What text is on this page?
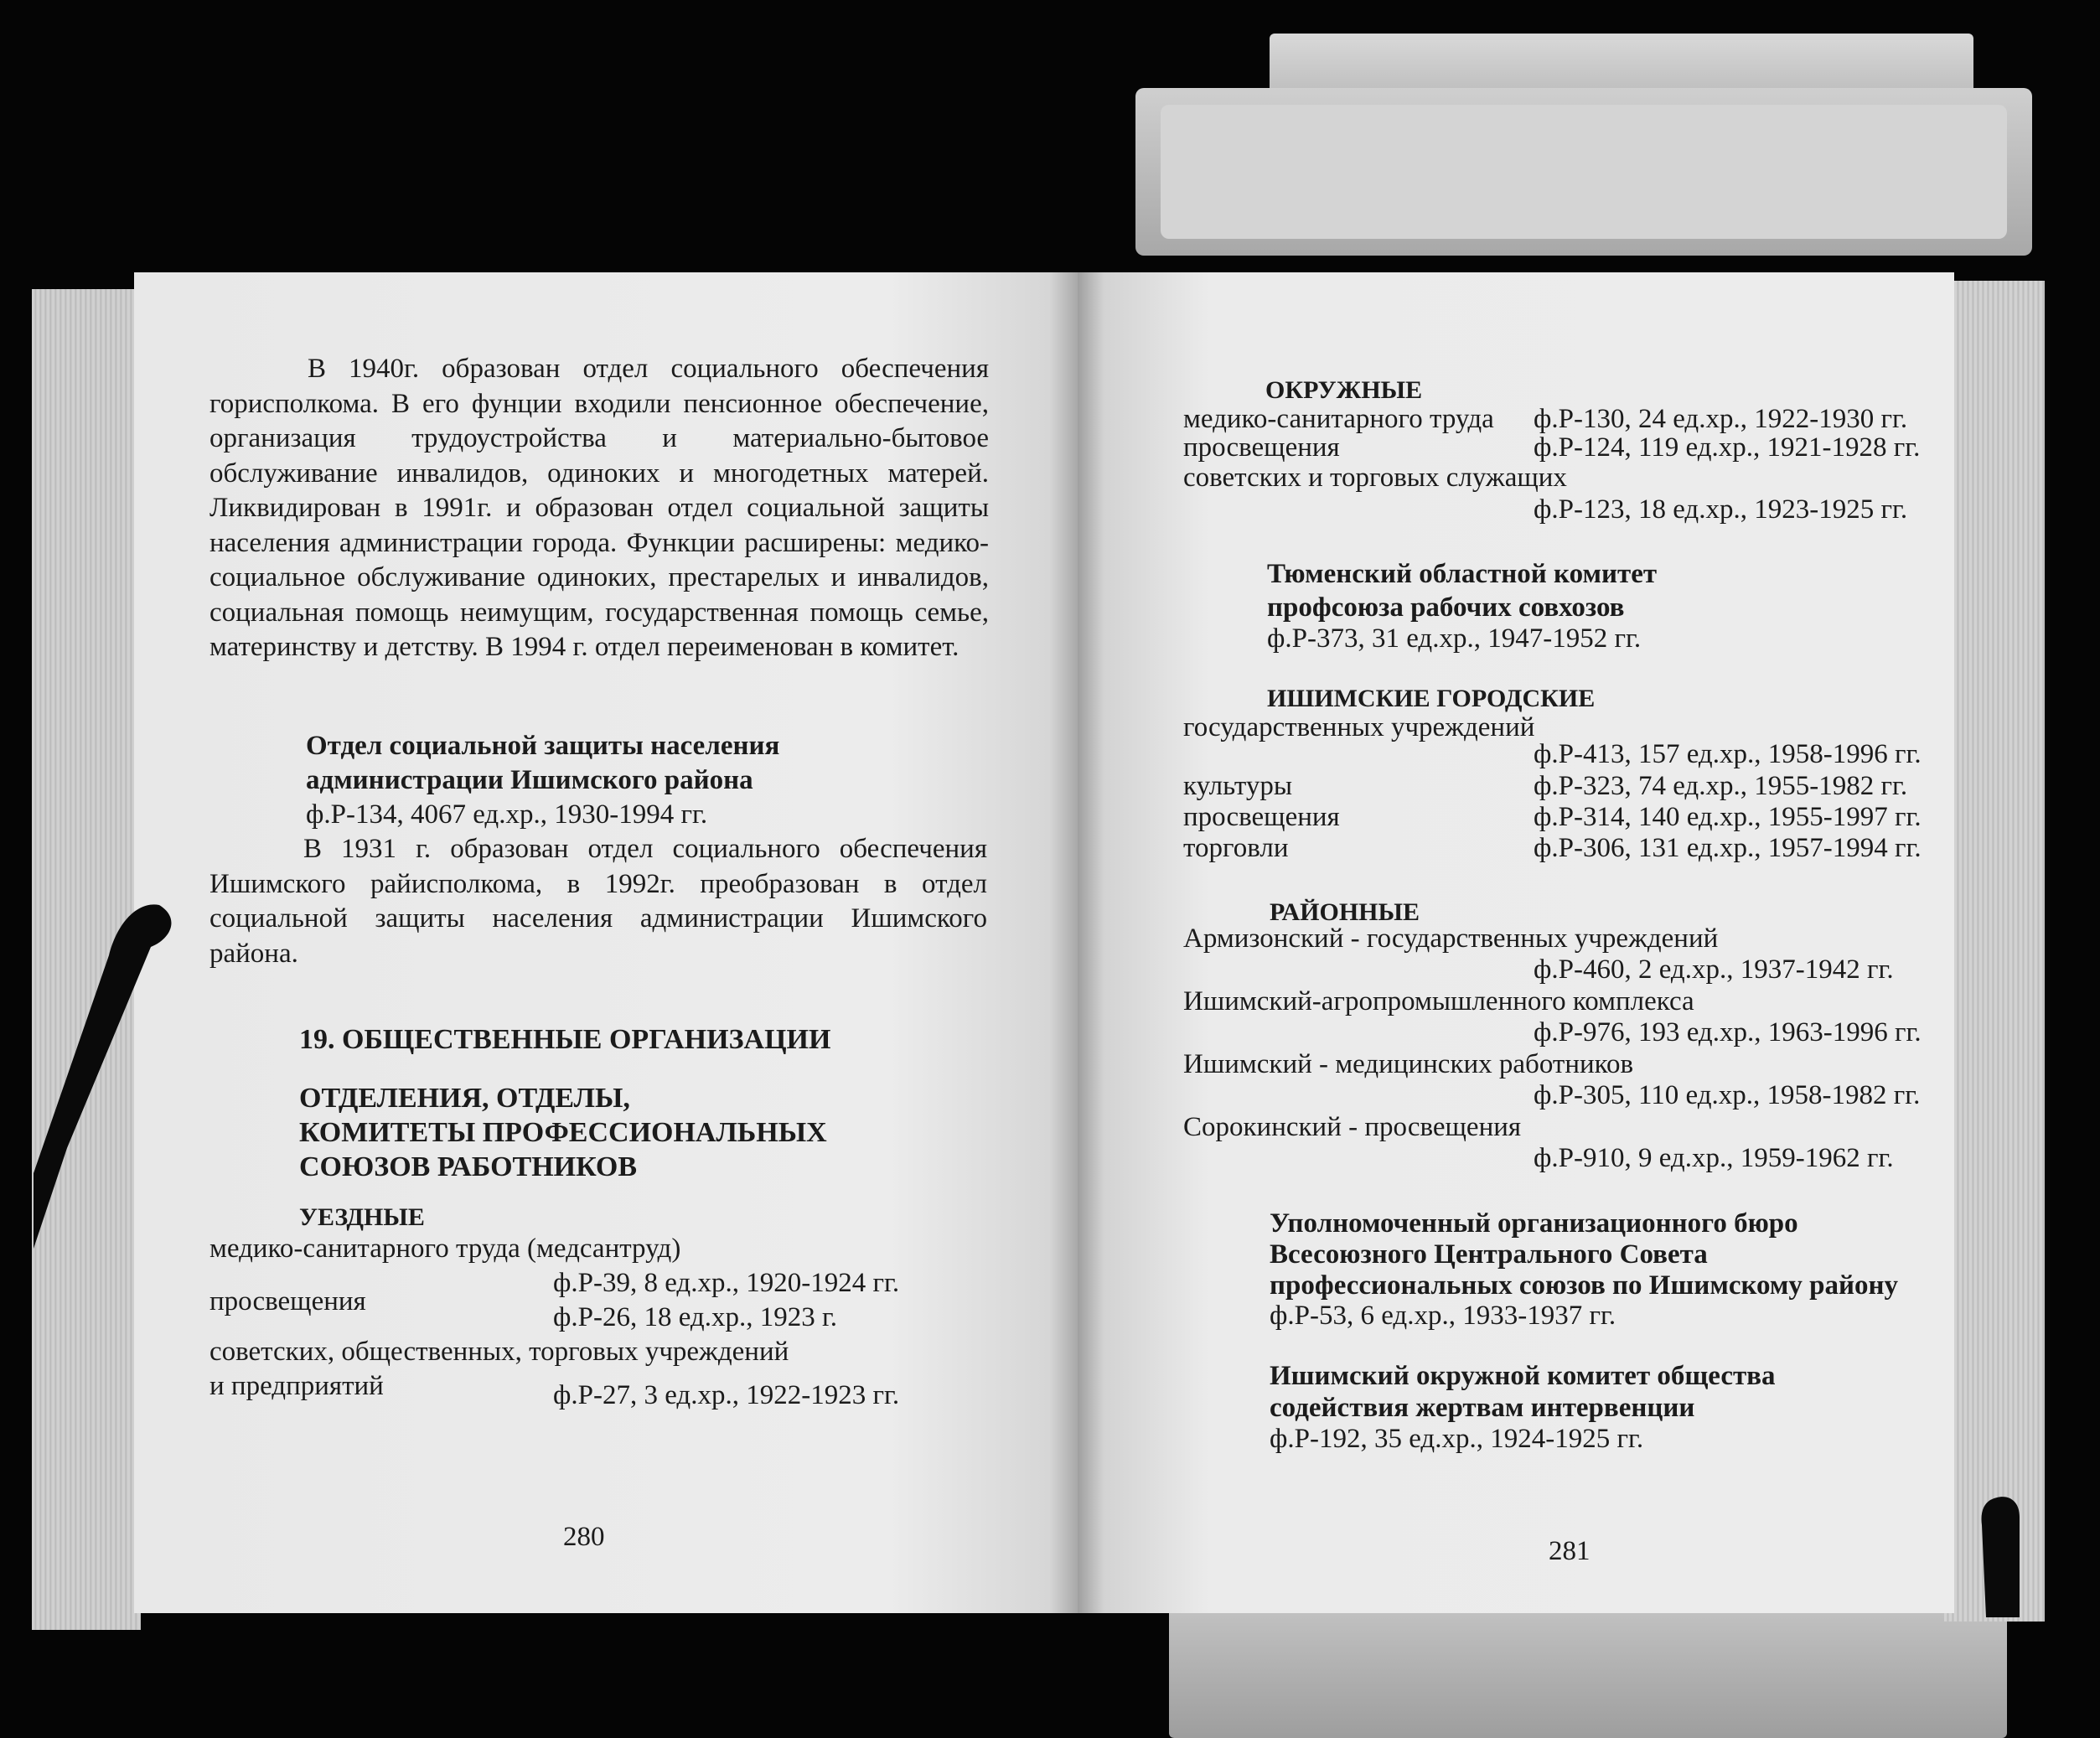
В 1940г. образован отдел социального обеспечения горисполкома. В его фунции входили пенсионное обеспечение, организация трудоустройства и материально-бытовое обслуживание инвалидов, одиноких и многодетных матерей. Ликвидирован в 1991г. и образован отдел социальной защиты населения администрации города. Функции расширены: медико-социальное обслуживание одиноких, престарелых и инвалидов, социальная помощь неимущим, государственная помощь семье, материнству и детству. В 1994 г. отдел переименован в комитет.

Отдел социальной защиты населения
администрации Ишимского района
ф.Р-134, 4067 ед.хр., 1930-1994 гг.

В 1931 г. образован отдел социального обеспечения Ишимского райисполкома, в 1992г. преобразован в отдел социальной защиты населения администрации Ишимского района.

19. ОБЩЕСТВЕННЫЕ ОРГАНИЗАЦИИ
ОТДЕЛЕНИЯ, ОТДЕЛЫ,
КОМИТЕТЫ ПРОФЕССИОНАЛЬНЫХ
СОЮЗОВ РАБОТНИКОВ
УЕЗДНЫЕ
медико-санитарного труда (медсантруд)
ф.Р-39, 8 ед.хр., 1920-1924 гг.
просвещения
ф.Р-26, 18 ед.хр., 1923 г.
советских, общественных, торговых учреждений
и предприятий	ф.Р-27, 3 ед.хр., 1922-1923 гг.
280
ОКРУЖНЫЕ
медико-санитарного труда ф.Р-130, 24 ед.хр., 1922-1930 гг.
просвещения	ф.Р-124, 119 ед.хр., 1921-1928 гг.
советских и торговых служащих
ф.Р-123, 18 ед.хр., 1923-1925 гг.
Тюменский областной комитет
профсоюза рабочих совхозов
ф.Р-373, 31 ед.хр., 1947-1952 гг.
ИШИМСКИЕ ГОРОДСКИЕ
государственных учреждений
ф.Р-413, 157 ед.хр., 1958-1996 гг.
культуры	ф.Р-323, 74 ед.хр., 1955-1982 гг.
просвещения	ф.Р-314, 140 ед.хр., 1955-1997 гг.
торговли	ф.Р-306, 131 ед.хр., 1957-1994 гг.
РАЙОННЫЕ
Армизонский - государственных учреждений
ф.Р-460, 2 ед.хр., 1937-1942 гг.
Ишимский-агропромышленного комплекса
ф.Р-976, 193 ед.хр., 1963-1996 гг.
Ишимский - медицинских работников
ф.Р-305, 110 ед.хр., 1958-1982 гг.
Сорокинский - просвещения
ф.Р-910, 9 ед.хр., 1959-1962 гг.
Уполномоченный организационного бюро
Всесоюзного Центрального Совета
профессиональных союзов по Ишимскому району
ф.Р-53, 6 ед.хр., 1933-1937 гг.
Ишимский окружной комитет общества
содействия жертвам интервенции
ф.Р-192, 35 ед.хр., 1924-1925 гг.
281
